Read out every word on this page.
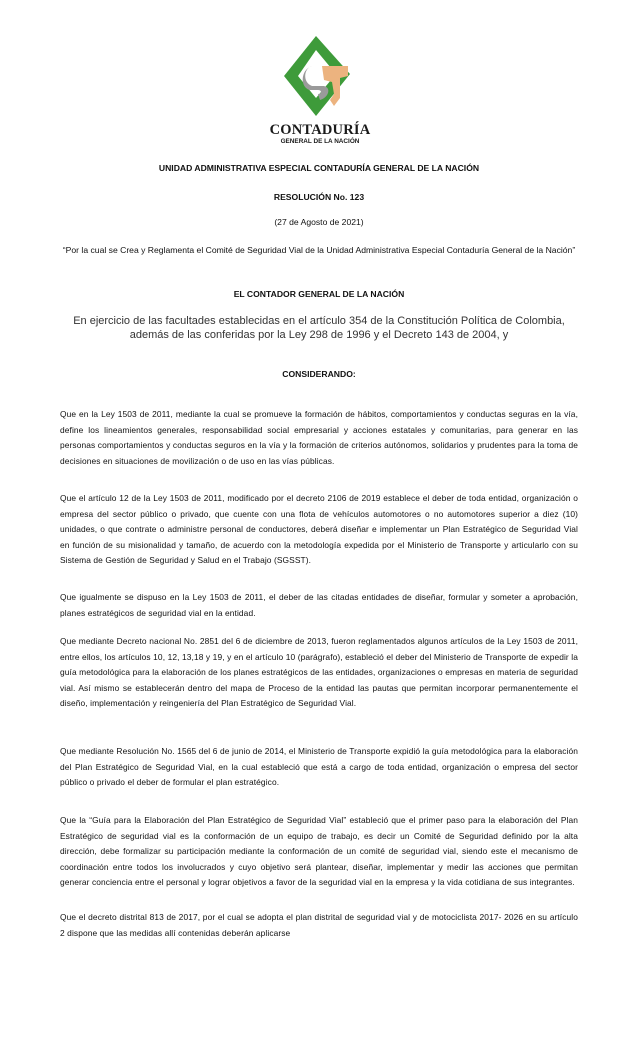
CONTADURÍA
GENERAL DE LA NACIÓN
UNIDAD ADMINISTRATIVA ESPECIAL CONTADURÍA GENERAL DE LA NACIÓN
RESOLUCIÓN No. 123
(27 de Agosto de 2021)
“Por la cual se Crea y Reglamenta el Comité de Seguridad Vial de la Unidad Administrativa Especial Contaduría General de la Nación”
EL CONTADOR GENERAL DE LA NACIÓN
En ejercicio de las facultades establecidas en el artículo 354 de la Constitución Política de Colombia, además de las conferidas por la Ley 298 de 1996 y el Decreto 143 de 2004, y
CONSIDERANDO:
Que en la Ley 1503 de 2011, mediante la cual se promueve la formación de hábitos, comportamientos y conductas seguras en la vía, define los lineamientos generales, responsabilidad social empresarial y acciones estatales y comunitarias, para generar en las personas comportamientos y conductas seguros en la vía y la formación de criterios autónomos, solidarios y prudentes para la toma de decisiones en situaciones de movilización o de uso en las vías públicas.
Que el artículo 12 de la Ley 1503 de 2011, modificado por el decreto 2106 de 2019 establece el deber de toda entidad, organización o empresa del sector público o privado, que cuente con una flota de vehículos automotores o no automotores superior a diez (10) unidades, o que contrate o administre personal de conductores, deberá diseñar e implementar un Plan Estratégico de Seguridad Vial en función de su misionalidad y tamaño, de acuerdo con la metodología expedida por el Ministerio de Transporte y articularlo con su Sistema de Gestión de Seguridad y Salud en el Trabajo (SGSST).
Que igualmente se dispuso en la Ley 1503 de 2011, el deber de las citadas entidades de diseñar, formular y someter a aprobación, planes estratégicos de seguridad vial en la entidad.
Que mediante Decreto nacional No. 2851 del 6 de diciembre de 2013, fueron reglamentados algunos artículos de la Ley 1503 de 2011, entre ellos, los artículos 10, 12, 13,18 y 19, y en el artículo 10 (parágrafo), estableció el deber del Ministerio de Transporte de expedir la guía metodológica para la elaboración de los planes estratégicos de las entidades, organizaciones o empresas en materia de seguridad vial. Así mismo se establecerán dentro del mapa de Proceso de la entidad las pautas que permitan incorporar permanentemente el diseño, implementación y reingeniería del Plan Estratégico de Seguridad Vial.
Que mediante Resolución No. 1565 del 6 de junio de 2014, el Ministerio de Transporte expidió la guía metodológica para la elaboración del Plan Estratégico de Seguridad Vial, en la cual estableció que está a cargo de toda entidad, organización o empresa del sector público o privado el deber de formular el plan estratégico.
Que la “Guía para la Elaboración del Plan Estratégico de Seguridad Vial” estableció que el primer paso para la elaboración del Plan Estratégico de seguridad vial es la conformación de un equipo de trabajo, es decir un Comité de Seguridad definido por la alta dirección, debe formalizar su participación mediante la conformación de un comité de seguridad vial, siendo este el mecanismo de coordinación entre todos los involucrados y cuyo objetivo será plantear, diseñar, implementar y medir las acciones que permitan generar conciencia entre el personal y lograr objetivos a favor de la seguridad vial en la empresa y la vida cotidiana de sus integrantes.
Que el decreto distrital 813 de 2017, por el cual se adopta el plan distrital de seguridad vial y de motociclista 2017- 2026 en su artículo 2 dispone que las medidas allí contenidas deberán aplicarse
